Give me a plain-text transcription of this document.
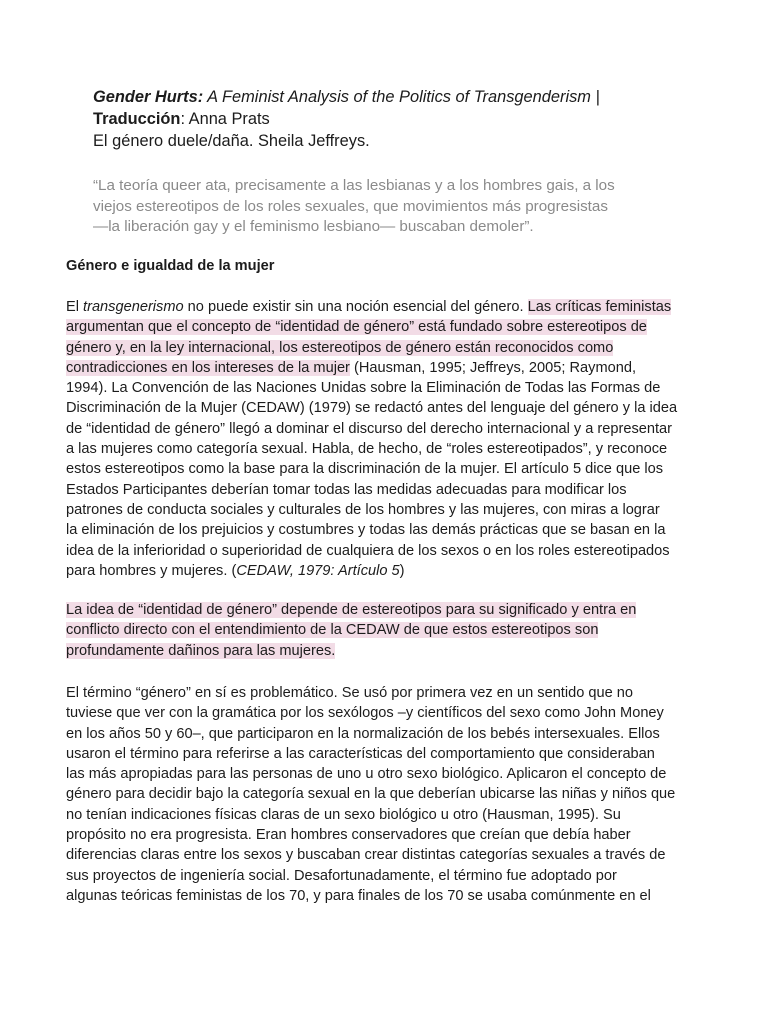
Gender Hurts: A Feminist Analysis of the Politics of Transgenderism |
Traducción: Anna Prats
El género duele/daña. Sheila Jeffreys.
“La teoría queer ata, precisamente a las lesbianas y a los hombres gais, a los
viejos estereotipos de los roles sexuales, que movimientos más progresistas
—la liberación gay y el feminismo lesbiano— buscaban demoler”.
Género e igualdad de la mujer
El transgenerismo no puede existir sin una noción esencial del género. Las críticas feministas
argumentan que el concepto de “identidad de género” está fundado sobre estereotipos de
género y, en la ley internacional, los estereotipos de género están reconocidos como
contradicciones en los intereses de la mujer (Hausman, 1995; Jeffreys, 2005; Raymond,
1994). La Convención de las Naciones Unidas sobre la Eliminación de Todas las Formas de
Discriminación de la Mujer (CEDAW) (1979) se redactó antes del lenguaje del género y la idea
de “identidad de género” llegó a dominar el discurso del derecho internacional y a representar
a las mujeres como categoría sexual. Habla, de hecho, de “roles estereotipados”, y reconoce
estos estereotipos como la base para la discriminación de la mujer. El artículo 5 dice que los
Estados Participantes deberían tomar todas las medidas adecuadas para modificar los
patrones de conducta sociales y culturales de los hombres y las mujeres, con miras a lograr
la eliminación de los prejuicios y costumbres y todas las demás prácticas que se basan en la
idea de la inferioridad o superioridad de cualquiera de los sexos o en los roles estereotipados
para hombres y mujeres. (CEDAW, 1979: Artículo 5)
La idea de “identidad de género” depende de estereotipos para su significado y entra en
conflicto directo con el entendimiento de la CEDAW de que estos estereotipos son
profundamente dañinos para las mujeres.
El término “género” en sí es problemático. Se usó por primera vez en un sentido que no
tuviese que ver con la gramática por los sexólogos –y científicos del sexo como John Money
en los años 50 y 60–, que participaron en la normalización de los bebés intersexuales. Ellos
usaron el término para referirse a las características del comportamiento que consideraban
las más apropiadas para las personas de uno u otro sexo biológico. Aplicaron el concepto de
género para decidir bajo la categoría sexual en la que deberían ubicarse las niñas y niños que
no tenían indicaciones físicas claras de un sexo biológico u otro (Hausman, 1995). Su
propósito no era progresista. Eran hombres conservadores que creían que debía haber
diferencias claras entre los sexos y buscaban crear distintas categorías sexuales a través de
sus proyectos de ingeniería social. Desafortunadamente, el término fue adoptado por
algunas teóricas feministas de los 70, y para finales de los 70 se usaba comúnmente en el
